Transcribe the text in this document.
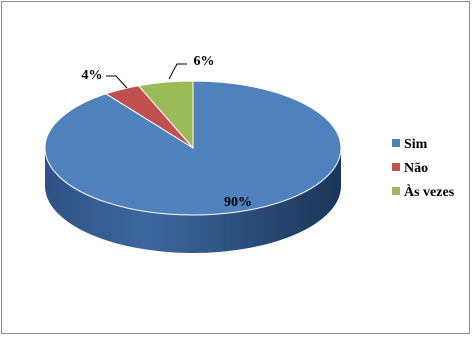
90%
4%
6%
Sim
Não
Às vezes
